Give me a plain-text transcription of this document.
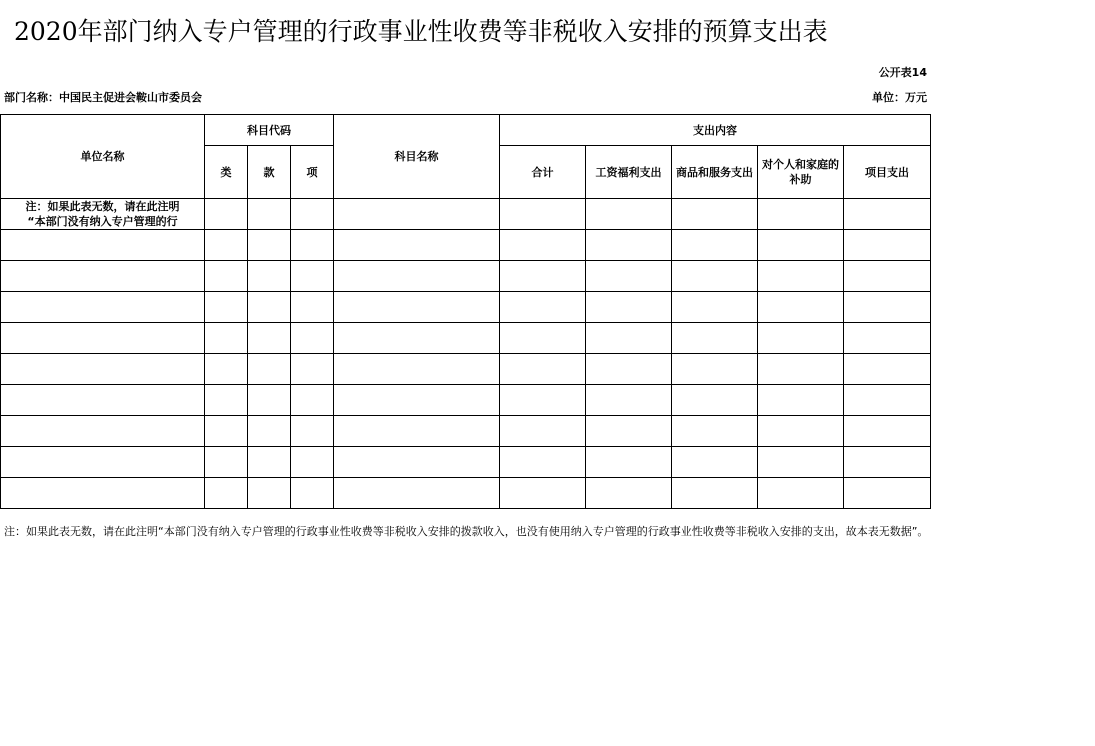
2020年部门纳入专户管理的行政事业性收费等非税收入安排的预算支出表
公开表14
部门名称：中国民主促进会鞍山市委员会	单位：万元
单位名称	科目代码			科目名称	支出内容				
	类	款	项		合计	工资福利支出	商品和服务支出	对个人和家庭的补助	项目支出

注：如果此表无数，请在此注明
“本部门没有纳入专户管理的行									

注：如果此表无数，请在此注明“本部门没有纳入专户管理的行政事业性收费等非税收入安排的拨款收入，也没有使用纳入专户管理的行政事业性收费等非税收入安排的支出，故本表无数据”。
